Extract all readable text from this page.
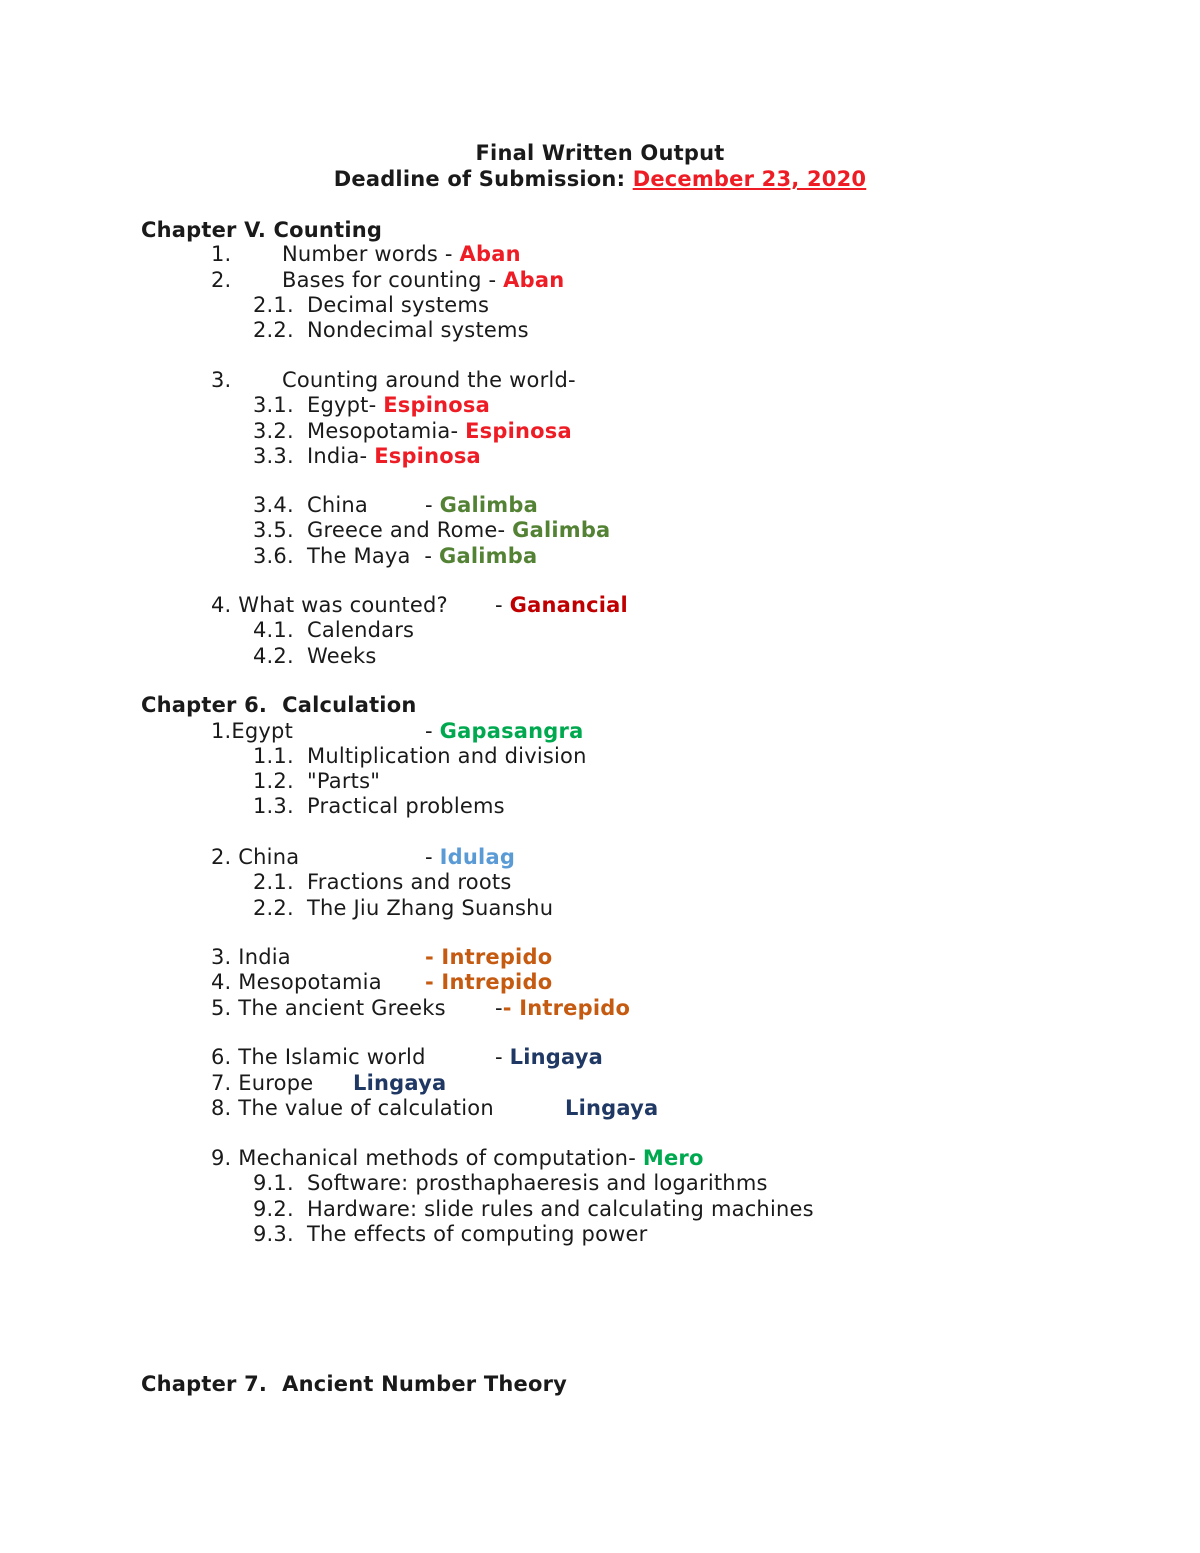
Final Written Output
Deadline of Submission: December 23, 2020
Chapter V. Counting
1. Number words - Aban
2. Bases for counting - Aban
2.1. Decimal systems
2.2. Nondecimal systems
3. Counting around the world-
3.1. Egypt- Espinosa
3.2. Mesopotamia- Espinosa
3.3. India- Espinosa
3.4. China	- Galimba
3.5. Greece and Rome- Galimba
3.6. The Maya  - Galimba
4. What was counted? - Ganancial
4.1. Calendars
4.2. Weeks
Chapter 6.  Calculation
1.Egypt	- Gapasangra
1.1. Multiplication and division
1.2. "Parts"
1.3. Practical problems
2. China	- Idulag
2.1. Fractions and roots
2.2. The Jiu Zhang Suanshu
3. India	- Intrepido
4. Mesopotamia - Intrepido
5. The ancient Greeks -- Intrepido
6. The Islamic world	- Lingaya
7. Europe Lingaya
8. The value of calculation	Lingaya
9. Mechanical methods of computation- Mero
9.1. Software: prosthaphaeresis and logarithms
9.2. Hardware: slide rules and calculating machines
9.3. The effects of computing power
Chapter 7.  Ancient Number Theory
